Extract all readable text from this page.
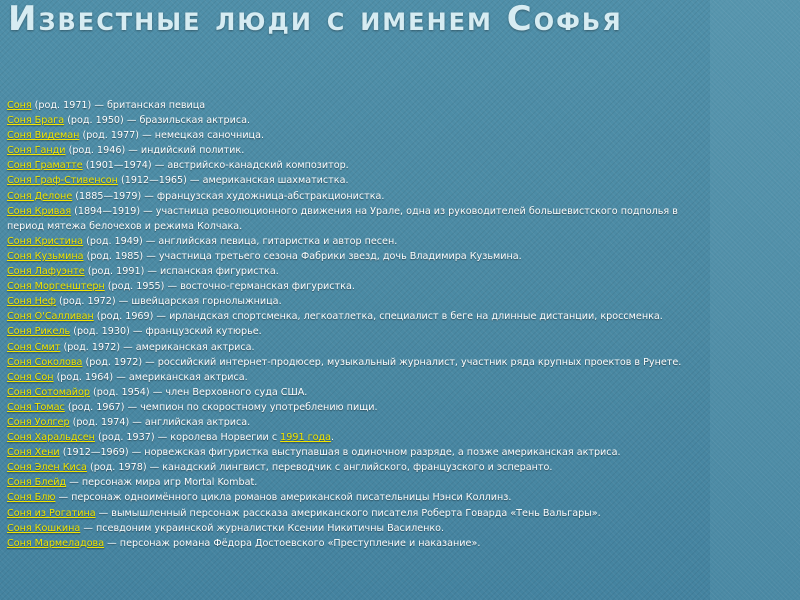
Известные люди с именем Софья
Соня (род. 1971) — британская певица
Соня Брага (род. 1950) — бразильская актриса.
Соня Видеман (род. 1977) — немецкая саночница.
Соня Ганди (род. 1946) — индийский политик.
Соня Граматте (1901—1974) — австрийско-канадский композитор.
Соня Граф-Стивенсон (1912—1965) — американская шахматистка.
Соня Делоне (1885—1979) — французская художница-абстракционистка.
Соня Кривая (1894—1919) — участница революционного движения на Урале, одна из руководителей большевистского подполья в период мятежа белочехов и режима Колчака.
Соня Кристина (род. 1949) — английская певица, гитаристка и автор песен.
Соня Кузьмина (род. 1985) — участница третьего сезона Фабрики звезд, дочь Владимира Кузьмина.
Соня Лафуэнте (род. 1991) — испанская фигуристка.
Соня Моргенштерн (род. 1955) — восточно-германская фигуристка.
Соня Неф (род. 1972) — швейцарская горнолыжница.
Соня О'Салливан (род. 1969) — ирландская спортсменка, легкоатлетка, специалист в беге на длинные дистанции, кроссменка.
Соня Рикель (род. 1930) — французский кутюрье.
Соня Смит (род. 1972) — американская актриса.
Соня Соколова (род. 1972) — российский интернет-продюсер, музыкальный журналист, участник ряда крупных проектов в Рунете.
Соня Сон (род. 1964) — американская актриса.
Соня Сотомайор (род. 1954) — член Верховного суда США.
Соня Томас (род. 1967) — чемпион по скоростному употреблению пищи.
Соня Уолгер (род. 1974) — английская актриса.
Соня Харальдсен (род. 1937) — королева Норвегии с 1991 года.
Соня Хени (1912—1969) — норвежская фигуристка выступавшая в одиночном разряде, а позже американская актриса.
Соня Элен Киса (род. 1978) — канадский лингвист, переводчик с английского, французского и эсперанто.
Соня Блейд — персонаж мира игр Mortal Kombat.
Соня Блю — персонаж одноимённого цикла романов американской писательницы Нэнси Коллинз.
Соня из Рогатина — вымышленный персонаж рассказа американского писателя Роберта Говарда «Тень Вальгары».
Соня Кошкина — псевдоним украинской журналистки Ксении Никитичны Василенко.
Соня Мармеладова — персонаж романа Фёдора Достоевского «Преступление и наказание».
